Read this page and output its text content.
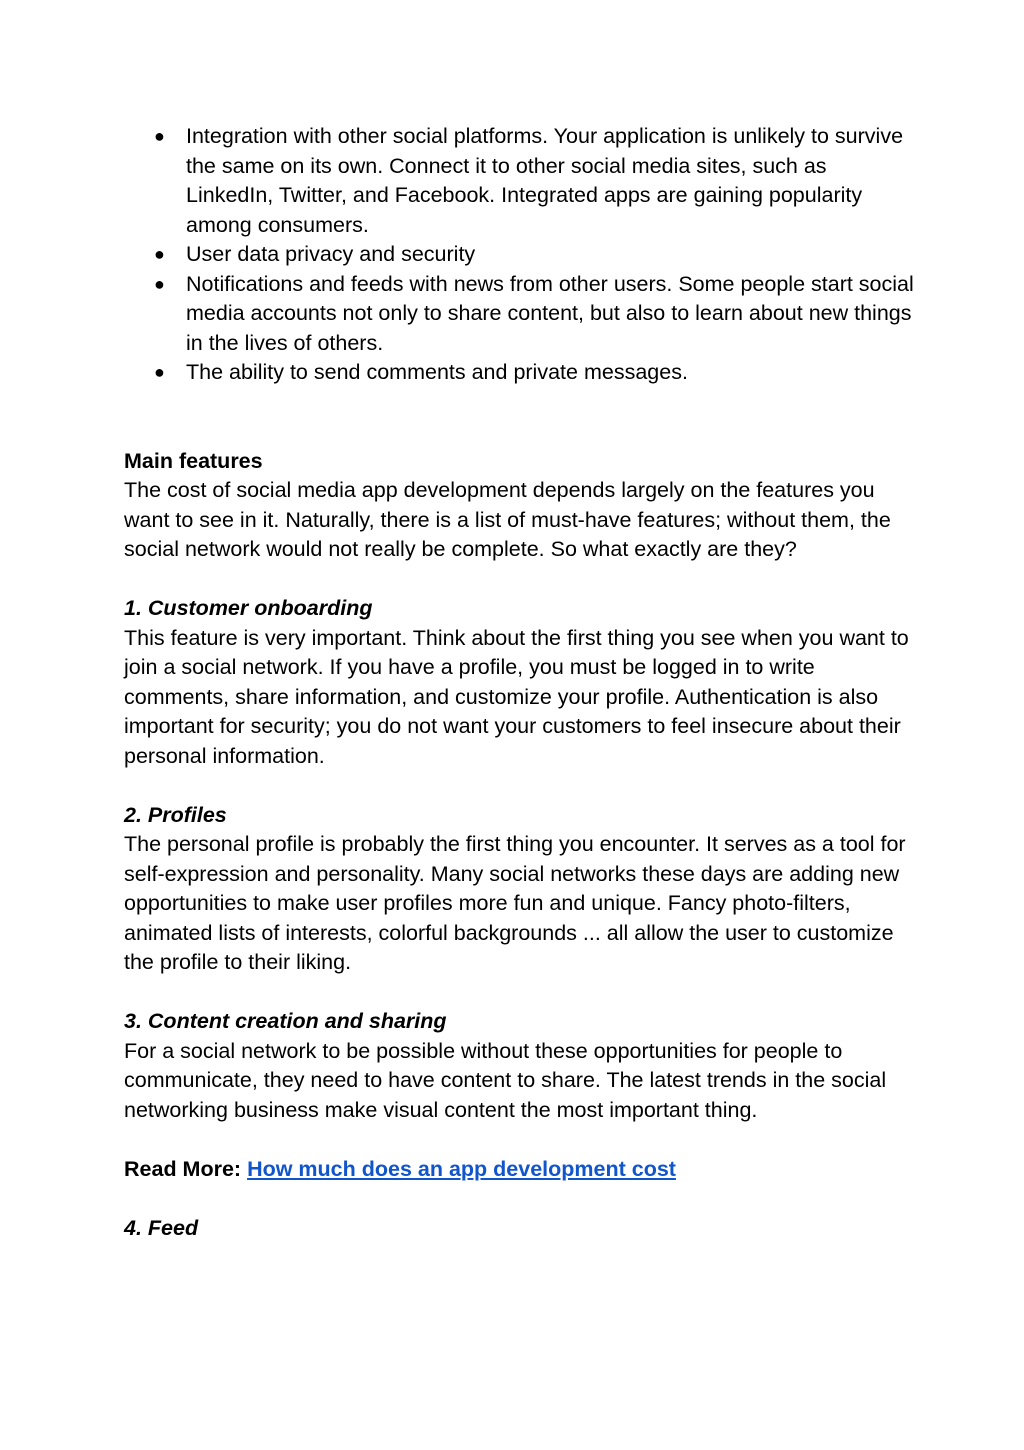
● Integration with other social platforms. Your application is unlikely to survive the same on its own. Connect it to other social media sites, such as LinkedIn, Twitter, and Facebook. Integrated apps are gaining popularity among consumers.
● User data privacy and security
● Notifications and feeds with news from other users. Some people start social media accounts not only to share content, but also to learn about new things in the lives of others.
● The ability to send comments and private messages.

Main features

The cost of social media app development depends largely on the features you want to see in it. Naturally, there is a list of must-have features; without them, the social network would not really be complete. So what exactly are they?

1. Customer onboarding

This feature is very important. Think about the first thing you see when you want to join a social network. If you have a profile, you must be logged in to write comments, share information, and customize your profile. Authentication is also important for security; you do not want your customers to feel insecure about their personal information.

2. Profiles

The personal profile is probably the first thing you encounter. It serves as a tool for self-expression and personality. Many social networks these days are adding new opportunities to make user profiles more fun and unique. Fancy photo-filters, animated lists of interests, colorful backgrounds ... all allow the user to customize the profile to their liking.

3. Content creation and sharing

For a social network to be possible without these opportunities for people to communicate, they need to have content to share. The latest trends in the social networking business make visual content the most important thing.

Read More: How much does an app development cost

4. Feed
